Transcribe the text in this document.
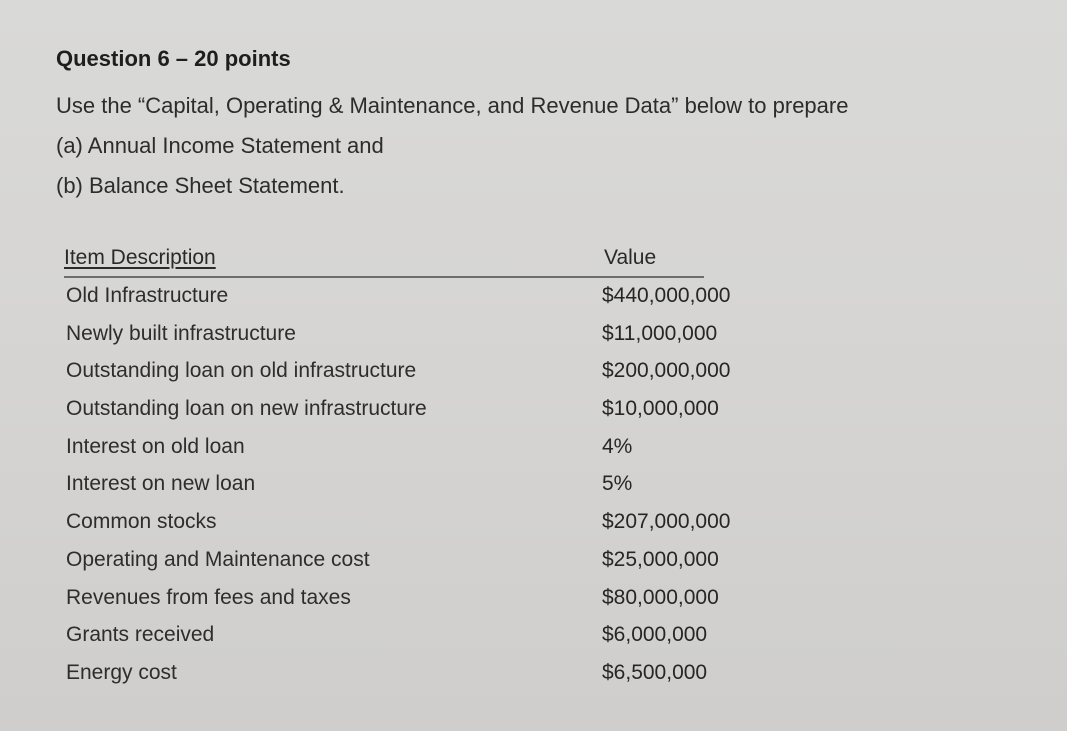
Question 6 – 20 points

Use the “Capital, Operating & Maintenance, and Revenue Data” below to prepare

(a) Annual Income Statement and

(b) Balance Sheet Statement.

Item Description	Value
Old Infrastructure	$440,000,000
Newly built infrastructure	$11,000,000
Outstanding loan on old infrastructure	$200,000,000
Outstanding loan on new infrastructure	$10,000,000
Interest on old loan	4%
Interest on new loan	5%
Common stocks	$207,000,000
Operating and Maintenance cost	$25,000,000
Revenues from fees and taxes	$80,000,000
Grants received	$6,000,000
Energy cost	$6,500,000
